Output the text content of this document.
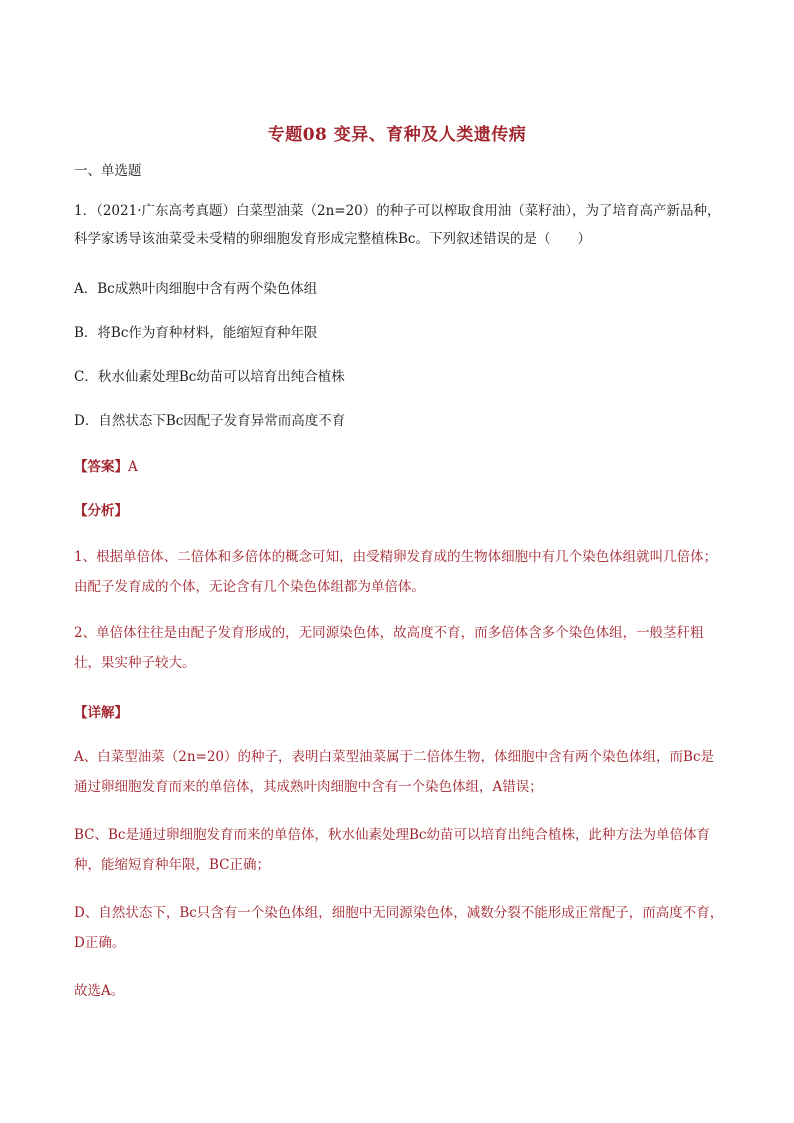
专题08 变异、育种及人类遗传病
一、单选题
1．（2021·广东高考真题）白菜型油菜（2n=20）的种子可以榨取食用油（菜籽油），为了培育高产新品种，
科学家诱导该油菜受未受精的卵细胞发育形成完整植株Bc。下列叙述错误的是（　　）
A．Bc成熟叶肉细胞中含有两个染色体组
B．将Bc作为育种材料，能缩短育种年限
C．秋水仙素处理Bc幼苗可以培育出纯合植株
D．自然状态下Bc因配子发育异常而高度不育
【答案】A
【分析】
1、根据单倍体、二倍体和多倍体的概念可知，由受精卵发育成的生物体细胞中有几个染色体组就叫几倍体；
由配子发育成的个体，无论含有几个染色体组都为单倍体。
2、单倍体往往是由配子发育形成的，无同源染色体，故高度不育，而多倍体含多个染色体组，一般茎秆粗
壮，果实种子较大。
【详解】
A、白菜型油菜（2n=20）的种子，表明白菜型油菜属于二倍体生物，体细胞中含有两个染色体组，而Bc是
通过卵细胞发育而来的单倍体，其成熟叶肉细胞中含有一个染色体组，A错误；
BC、Bc是通过卵细胞发育而来的单倍体，秋水仙素处理Bc幼苗可以培育出纯合植株，此种方法为单倍体育
种，能缩短育种年限，BC正确；
D、自然状态下，Bc只含有一个染色体组，细胞中无同源染色体，减数分裂不能形成正常配子，而高度不育，
D正确。
故选A。
